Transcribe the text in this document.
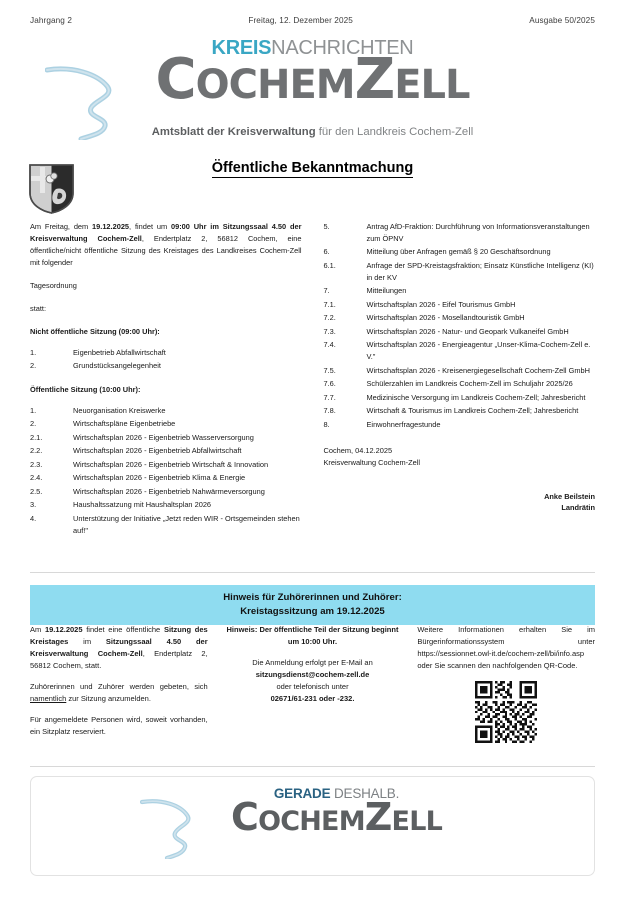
Jahrgang 2	Freitag, 12. Dezember 2025	Ausgabe 50/2025
KREISNACHRICHTEN
COCHEMZELL
Amtsblatt der Kreisverwaltung für den Landkreis Cochem-Zell
Öffentliche Bekanntmachung

Am Freitag, dem 19.12.2025, findet um 09:00 Uhr im Sitzungssaal 4.50 der Kreisverwaltung Cochem-Zell, Endertplatz 2, 56812 Cochem, eine öffentliche/nicht öffentliche Sitzung des Kreistages des Landkreises Cochem-Zell mit folgender

Tagesordnung

statt:

Nicht öffentliche Sitzung (09:00 Uhr):
1.	Eigenbetrieb Abfallwirtschaft
2.	Grundstücksangelegenheit
Öffentliche Sitzung (10:00 Uhr):
1.	Neuorganisation Kreiswerke
2.	Wirtschaftspläne Eigenbetriebe
2.1.	Wirtschaftsplan 2026 - Eigenbetrieb Wasserversorgung
2.2.	Wirtschaftsplan 2026 - Eigenbetrieb Abfallwirtschaft
2.3.	Wirtschaftsplan 2026 - Eigenbetrieb Wirtschaft & Innovation
2.4.	Wirtschaftsplan 2026 - Eigenbetrieb Klima & Energie
2.5.	Wirtschaftsplan 2026 - Eigenbetrieb Nahwärmeversorgung
3.	Haushaltssatzung mit Haushaltsplan 2026
4.	Unterstützung der Initiative „Jetzt reden WIR - Ortsgemeinden stehen auf!"
5.	Antrag AfD-Fraktion: Durchführung von Informationsveranstaltungen zum ÖPNV
6.	Mitteilung über Anfragen gemäß § 20 Geschäftsordnung
6.1.	Anfrage der SPD-Kreistagsfraktion; Einsatz Künstliche Intelligenz (KI) in der KV
7.	Mitteilungen
7.1.	Wirtschaftsplan 2026 - Eifel Tourismus GmbH
7.2.	Wirtschaftsplan 2026 - Mosellandtouristik GmbH
7.3.	Wirtschaftsplan 2026 - Natur- und Geopark Vulkaneifel GmbH
7.4.	Wirtschaftsplan 2026 - Energieagentur „Unser-Klima-Cochem-Zell e. V."
7.5.	Wirtschaftsplan 2026 - Kreisenergiegesellschaft Cochem-Zell GmbH
7.6.	Schülerzahlen im Landkreis Cochem-Zell im Schuljahr 2025/26
7.7.	Medizinische Versorgung im Landkreis Cochem-Zell; Jahresbericht
7.8.	Wirtschaft & Tourismus im Landkreis Cochem-Zell; Jahresbericht
8.	Einwohnerfragestunde
Cochem, 04.12.2025
Kreisverwaltung Cochem-Zell
Anke Beilstein
Landrätin
Hinweis für Zuhörerinnen und Zuhörer:
Kreistagssitzung am 19.12.2025

Am 19.12.2025 findet eine öffentliche Sitzung des Kreistages im Sitzungssaal 4.50 der Kreisverwaltung Cochem-Zell, Endertplatz 2, 56812 Cochem, statt.

Zuhörerinnen und Zuhörer werden gebeten, sich namentlich zur Sitzung anzumelden.

Für angemeldete Personen wird, soweit vorhanden, ein Sitzplatz reserviert.

Hinweis: Der öffentliche Teil der Sitzung beginnt um 10:00 Uhr.

Die Anmeldung erfolgt per E-Mail an
sitzungsdienst@cochem-zell.de
oder telefonisch unter
02671/61-231 oder -232.

Weitere Informationen erhalten Sie im Bürgerinformationssystem unter https://sessionnet.owl-it.de/cochem-zell/bi/info.asp oder Sie scannen den nachfolgenden QR-Code.

GERADE DESHALB.
COCHEMZELL
